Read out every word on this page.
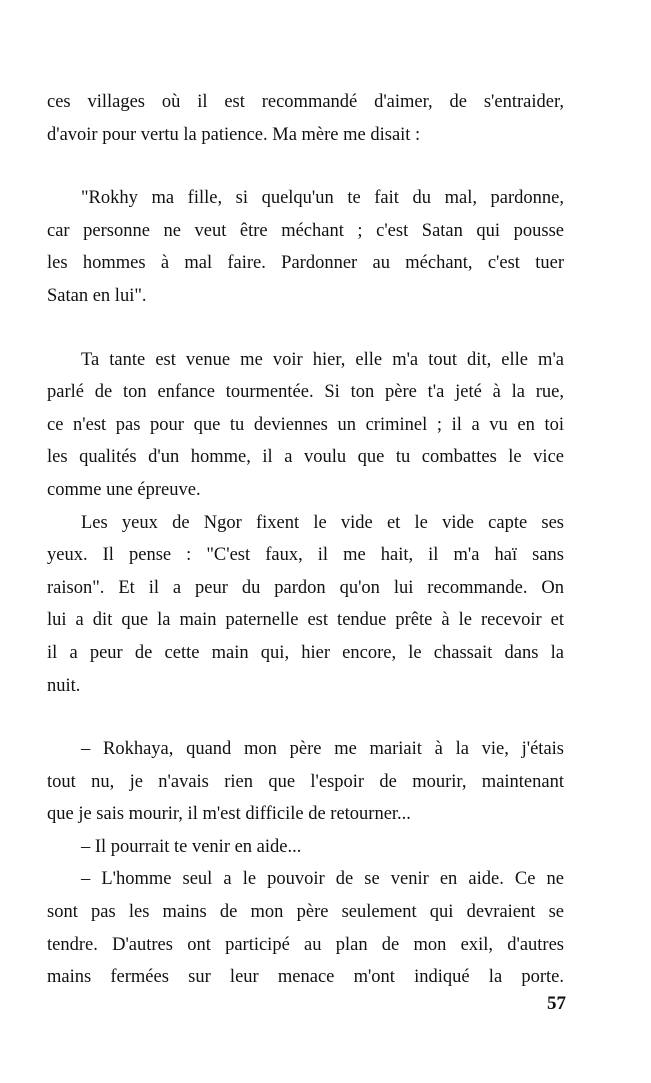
ces villages où il est recommandé d'aimer, de s'entraider,
d'avoir pour vertu la patience. Ma mère me disait :
"Rokhy ma fille, si quelqu'un te fait du mal, pardonne,
car personne ne veut être méchant ; c'est Satan qui pousse
les hommes à mal faire. Pardonner au méchant, c'est tuer
Satan en lui".
Ta tante est venue me voir hier, elle m'a tout dit, elle m'a
parlé de ton enfance tourmentée. Si ton père t'a jeté à la rue,
ce n'est pas pour que tu deviennes un criminel ; il a vu en toi
les qualités d'un homme, il a voulu que tu combattes le vice
comme une épreuve.
Les yeux de Ngor fixent le vide et le vide capte ses
yeux. Il pense : "C'est faux, il me hait, il m'a haï sans
raison". Et il a peur du pardon qu'on lui recommande. On
lui a dit que la main paternelle est tendue prête à le recevoir et
il a peur de cette main qui, hier encore, le chassait dans la
nuit.
– Rokhaya, quand mon père me mariait à la vie, j'étais
tout nu, je n'avais rien que l'espoir de mourir, maintenant
que je sais mourir, il m'est difficile de retourner...
– Il pourrait te venir en aide...
– L'homme seul a le pouvoir de se venir en aide. Ce ne
sont pas les mains de mon père seulement qui devraient se
tendre. D'autres ont participé au plan de mon exil, d'autres
mains fermées sur leur menace m'ont indiqué la porte.
57
